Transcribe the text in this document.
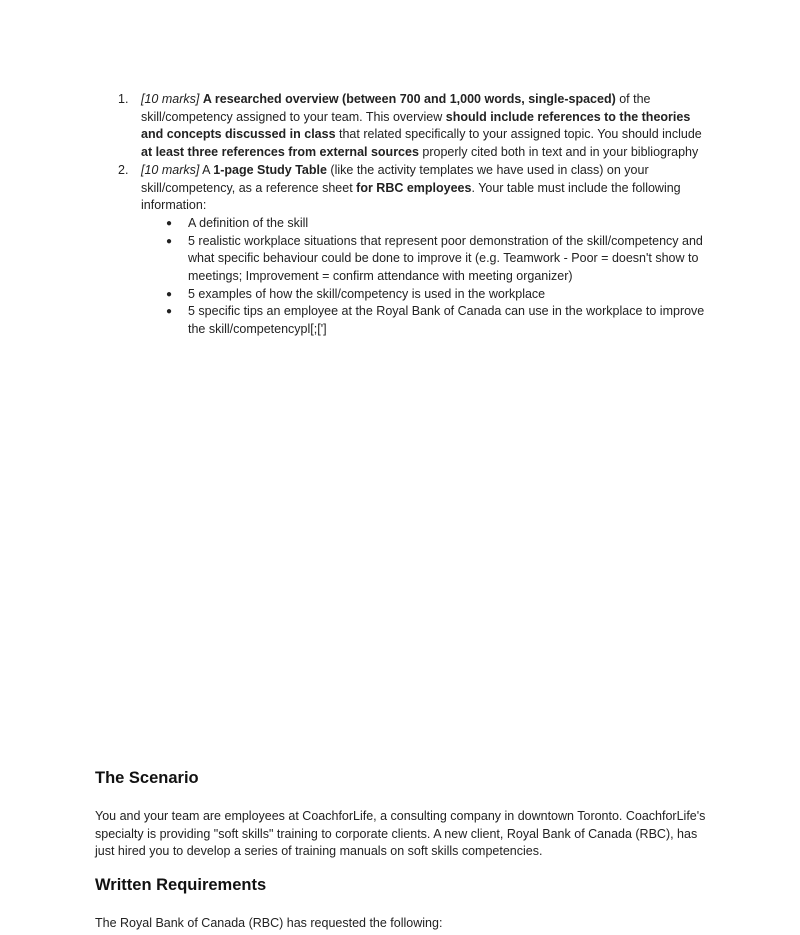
1. [10 marks] A researched overview (between 700 and 1,000 words, single-spaced) of the skill/competency assigned to your team. This overview should include references to the theories and concepts discussed in class that related specifically to your assigned topic. You should include at least three references from external sources properly cited both in text and in your bibliography
2. [10 marks] A 1-page Study Table (like the activity templates we have used in class) on your skill/competency, as a reference sheet for RBC employees. Your table must include the following information:
● A definition of the skill
● 5 realistic workplace situations that represent poor demonstration of the skill/competency and what specific behaviour could be done to improve it (e.g. Teamwork - Poor = doesn't show to meetings; Improvement = confirm attendance with meeting organizer)
● 5 examples of how the skill/competency is used in the workplace
● 5 specific tips an employee at the Royal Bank of Canada can use in the workplace to improve the skill/competencypl[;[']
The Scenario
You and your team are employees at CoachforLife, a consulting company in downtown Toronto. CoachforLife's specialty is providing "soft skills" training to corporate clients. A new client, Royal Bank of Canada (RBC), has just hired you to develop a series of training manuals on soft skills competencies.
Written Requirements
The Royal Bank of Canada (RBC) has requested the following:
